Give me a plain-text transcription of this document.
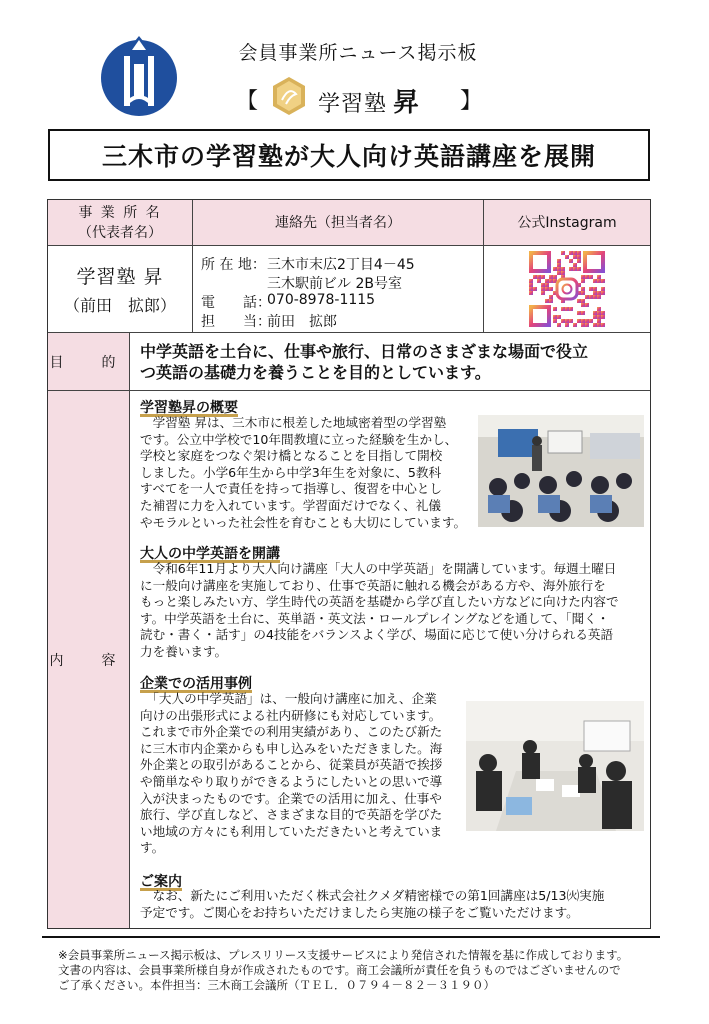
会員事業所ニュース掲示板
【	学習塾 昇 】
三木市の学習塾が大人向け英語講座を展開
事 業 所 名
（代表者名）
連絡先（担当者名）	公式Instagram
学習塾 昇
（前田　拡郎）
所 在 地： 三木市末広2丁目4－45
三木駅前ビル 2B号室
電　　話：
070-8978-1115
担　　当：
前田　拡郎
目　的
中学英語を土台に、仕事や旅行、日常のさまざまな場面で役立
つ英語の基礎力を養うことを目的としています。
内　容
学習塾昇の概要
　学習塾 昇は、三木市に根差した地域密着型の学習塾
です。公立中学校で10年間教壇に立った経験を生かし、
学校と家庭をつなぐ架け橋となることを目指して開校
しました。小学6年生から中学3年生を対象に、5教科
すべてを一人で責任を持って指導し、復習を中心とし
た補習に力を入れています。学習面だけでなく、礼儀
やモラルといった社会性を育むことも大切にしています。
大人の中学英語を開講
　令和6年11月より大人向け講座「大人の中学英語」を開講しています。毎週土曜日
に一般向け講座を実施しており、仕事で英語に触れる機会がある方や、海外旅行を
もっと楽しみたい方、学生時代の英語を基礎から学び直したい方などに向けた内容で
す。中学英語を土台に、英単語・英文法・ロールプレイングなどを通して、「聞く・
読む・書く・話す」の4技能をバランスよく学び、場面に応じて使い分けられる英語
力を養います。
企業での活用事例
　「大人の中学英語」は、一般向け講座に加え、企業
向けの出張形式による社内研修にも対応しています。
これまで市外企業での利用実績があり、このたび新た
に三木市内企業からも申し込みをいただきました。海
外企業との取引があることから、従業員が英語で挨拶
や簡単なやり取りができるようにしたいとの思いで導
入が決まったものです。企業での活用に加え、仕事や
旅行、学び直しなど、さまざまな目的で英語を学びた
い地域の方々にも利用していただきたいと考えていま
す。
ご案内
　なお、新たにご利用いただく株式会社クメダ精密様での第1回講座は5/13㈫実施
予定です。ご関心をお持ちいただけましたら実施の様子をご覧いただけます。
※会員事業所ニュース掲示板は、プレスリリース支援サービスにより発信された情報を基に作成しております。
文書の内容は、会員事業所様自身が作成されたものです。商工会議所が責任を負うものではございませんので
ご了承ください。本件担当：三木商工会議所（ＴＥＬ．０７９４－８２－３１９０）
